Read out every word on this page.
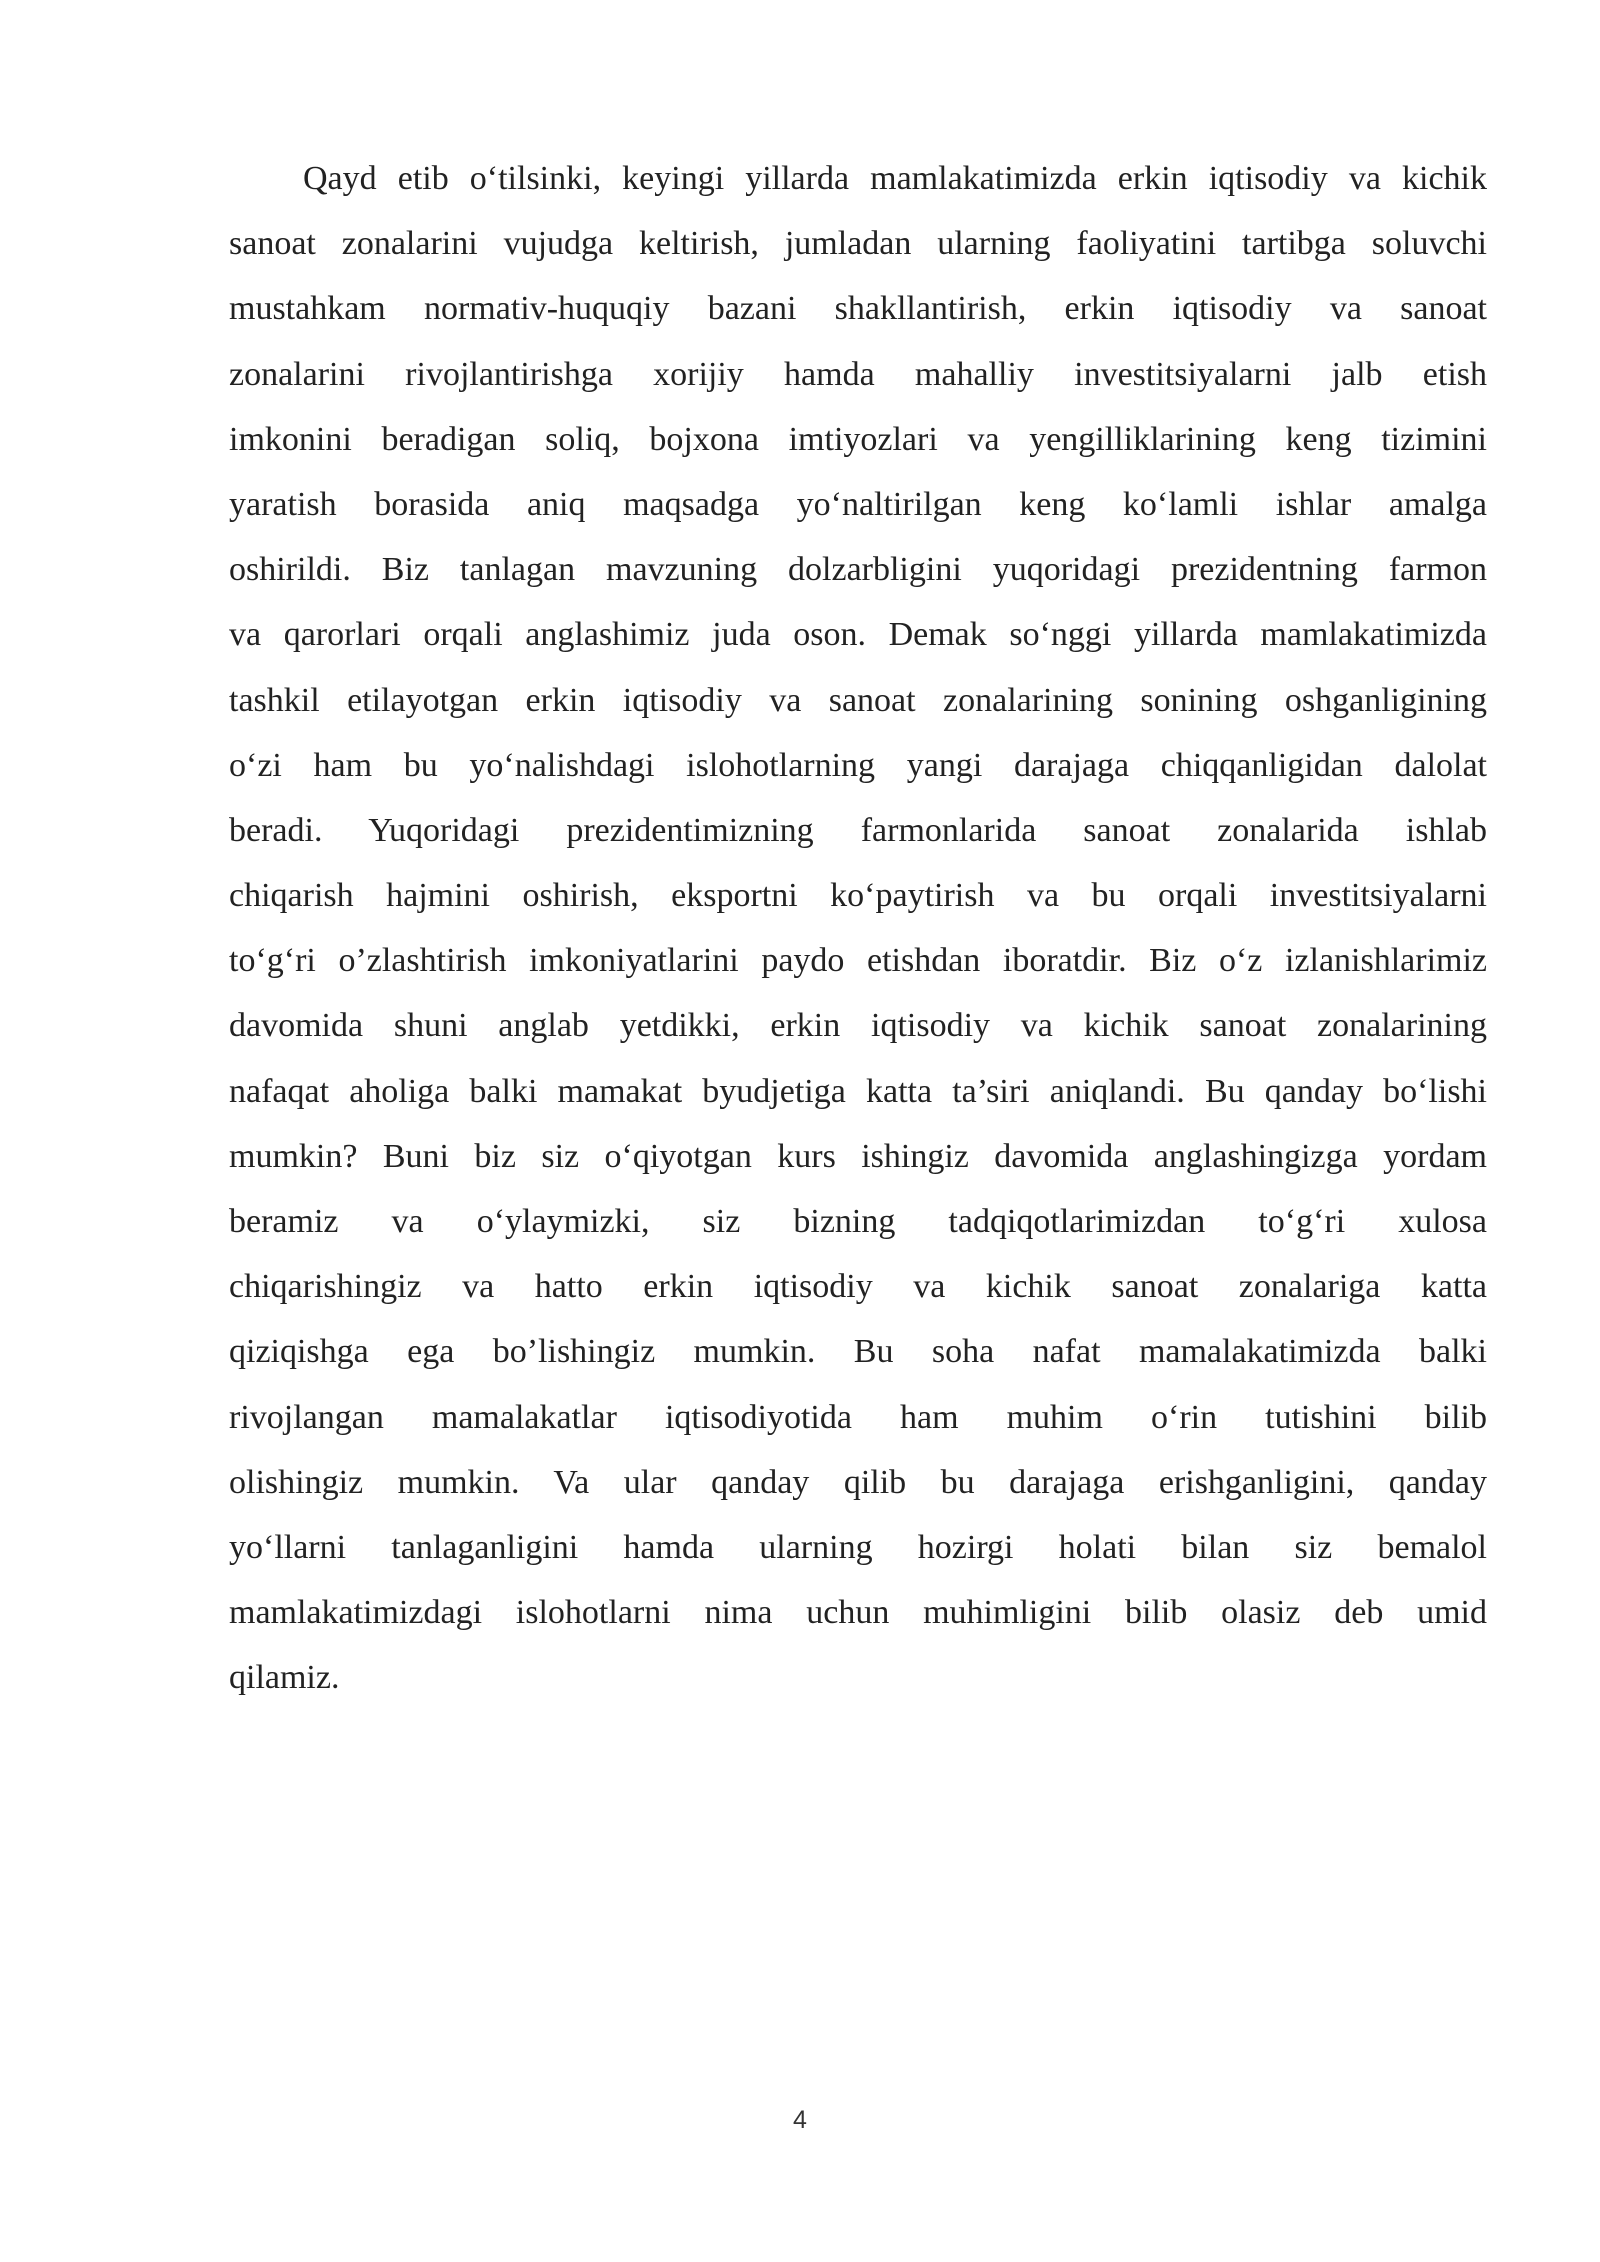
Qayd etib o‘tilsinki, keyingi yillarda mamlakatimizda erkin iqtisodiy va kichik
sanoat zonalarini vujudga keltirish, jumladan ularning faoliyatini tartibga soluvchi
mustahkam normativ-huquqiy bazani shakllantirish, erkin iqtisodiy va sanoat
zonalarini rivojlantirishga xorijiy hamda mahalliy investitsiyalarni jalb etish
imkonini beradigan soliq, bojxona imtiyozlari va yengilliklarining keng tizimini
yaratish borasida aniq maqsadga yo‘naltirilgan keng ko‘lamli ishlar amalga
oshirildi. Biz tanlagan mavzuning dolzarbligini yuqoridagi prezidentning farmon
va qarorlari orqali anglashimiz juda oson. Demak so‘nggi yillarda mamlakatimizda
tashkil etilayotgan erkin iqtisodiy va sanoat zonalarining sonining oshganligining
o‘zi ham bu yo‘nalishdagi islohotlarning yangi darajaga chiqqanligidan dalolat
beradi. Yuqoridagi prezidentimizning farmonlarida sanoat zonalarida ishlab
chiqarish hajmini oshirish, eksportni ko‘paytirish va bu orqali investitsiyalarni
to‘g‘ri o’zlashtirish imkoniyatlarini paydo etishdan iboratdir. Biz o‘z izlanishlarimiz
davomida shuni anglab yetdikki, erkin iqtisodiy va kichik sanoat zonalarining
nafaqat aholiga balki mamakat byudjetiga katta ta’siri aniqlandi. Bu qanday bo‘lishi
mumkin? Buni biz siz o‘qiyotgan kurs ishingiz davomida anglashingizga yordam
beramiz va o‘ylaymizki, siz bizning tadqiqotlarimizdan to‘g‘ri xulosa
chiqarishingiz va hatto erkin iqtisodiy va kichik sanoat zonalariga katta
qiziqishga ega bo’lishingiz mumkin. Bu soha nafat mamalakatimizda balki
rivojlangan mamalakatlar iqtisodiyotida ham muhim o‘rin tutishini bilib
olishingiz mumkin. Va ular qanday qilib bu darajaga erishganligini, qanday
yo‘llarni tanlaganligini hamda ularning hozirgi holati bilan siz bemalol
mamlakatimizdagi islohotlarni nima uchun muhimligini bilib olasiz deb umid
qilamiz.

4
